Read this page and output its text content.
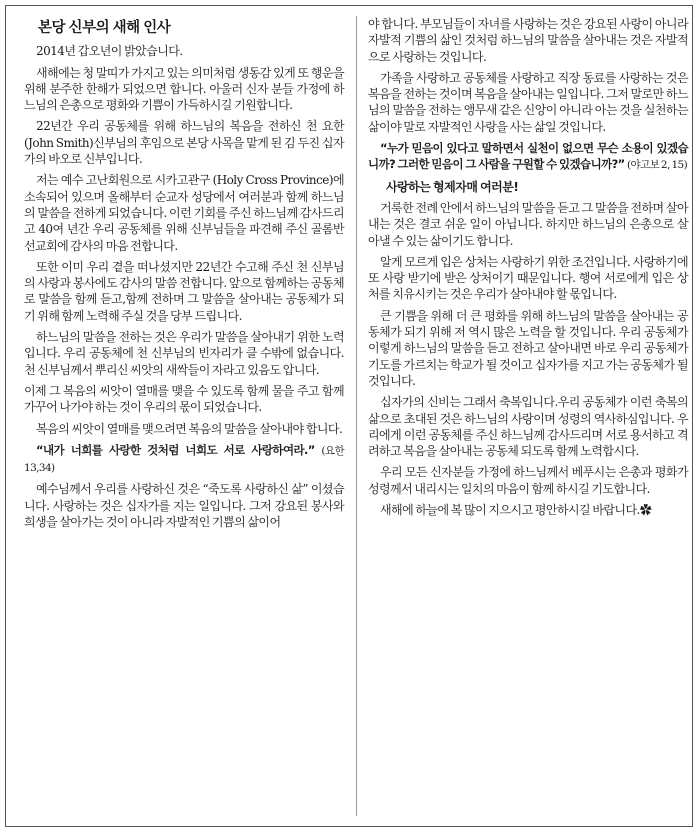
본당 신부의 새해 인사

2014년 갑오년이 밝았습니다.

새해에는 청 말띠가 가지고 있는 의미처럼 생동감 있게 또 행운을 위해 분주한 한해가 되었으면 합니다. 아울러 신자 분들 가정에 하느님의 은총으로 평화와 기쁨이 가득하시길 기원합니다.

22년간 우리 공동체를 위해 하느님의 복음을 전하신 천 요한(John Smith)신부님의 후임으로 본당 사목을 맡게 된 김 두진 십자가의 바오로 신부입니다.

저는 예수 고난회원으로 시카고관구 (Holy Cross Province)에 소속되어 있으며 올해부터 순교자 성당에서 여러분과 함께 하느님의 말씀을 전하게 되었습니다. 이런 기회를 주신 하느님께 감사드리고 40여 년간 우리 공동체를 위해 신부님들을 파견해 주신 골롬반 선교회에 감사의 마음 전합니다.

또한 이미 우리 곁을 떠나셨지만 22년간 수고해 주신 천 신부님의 사랑과 봉사에도 감사의 말씀 전합니다. 앞으로 함께하는 공동체로 말씀을 함께 듣고,함께 전하며 그 말씀을 살아내는 공동체가 되기 위해 함께 노력해 주실 것을 당부 드립니다.

하느님의 말씀을 전하는 것은 우리가 말씀을 살아내기 위한 노력입니다. 우리 공동체에 천 신부님의 빈자리가 클 수밖에 없습니다. 천 신부님께서 뿌리신 씨앗의 새싹들이 자라고 있음도 압니다.

이제 그 복음의 씨앗이 열매를 맺을 수 있도록 함께 물을 주고 함께 가꾸어 나가야 하는 것이 우리의 몫이 되었습니다.

복음의 씨앗이 열매를 맺으려면 복음의 말씀을 살아내야 합니다.

“내가 너희를 사랑한 것처럼 너희도 서로 사랑하여라.” (요한 13,34)

예수님께서 우리를 사랑하신 것은 “죽도록 사랑하신 삶” 이셨습니다. 사랑하는 것은 십자가를 지는 일입니다. 그저 강요된 봉사와 희생을 살아가는 것이 아니라 자발적인 기쁨의 삶이어

야 합니다. 부모님들이 자녀를 사랑하는 것은 강요된 사랑이 아니라 자발적 기쁨의 삶인 것처럼 하느님의 말씀을 살아내는 것은 자발적으로 사랑하는 것입니다.

가족을 사랑하고 공동체를 사랑하고 직장 동료를 사랑하는 것은 복음을 전하는 것이며 복음을 살아내는 일입니다. 그저 말로만 하느님의 말씀을 전하는 앵무새 같은 신앙이 아니라 아는 것을 실천하는 삶이야 말로 자발적인 사랑을 사는 삶일 것입니다.

“누가 믿음이 있다고 말하면서 실천이 없으면 무슨 소용이 있겠습니까? 그러한 믿음이 그 사람을 구원할 수 있겠습니까?” (야고보 2, 15)
사랑하는 형제자매 여러분!

거룩한 전례 안에서 하느님의 말씀을 듣고 그 말씀을 전하며 살아내는 것은 결코 쉬운 일이 아닙니다. 하지만 하느님의 은총으로 살아낼 수 있는 삶이기도 합니다.

알게 모르게 입은 상처는 사랑하기 위한 조건입니다. 사랑하기에 또 사랑 받기에 받은 상처이기 때문입니다. 행여 서로에게 입은 상처를 치유시키는 것은 우리가 살아내야 할 몫입니다.

큰 기쁨을 위해 더 큰 평화를 위해 하느님의 말씀을 살아내는 공동체가 되기 위해 저 역시 많은 노력을 할 것입니다. 우리 공동체가 이렇게 하느님의 말씀을 듣고 전하고 살아내면 바로 우리 공동체가 기도를 가르치는 학교가 될 것이고 십자가를 지고 가는 공동체가 될 것입니다.

십자가의 신비는 그래서 축복입니다.우리 공동체가 이런 축복의 삶으로 초대된 것은 하느님의 사랑이며 성령의 역사하심입니다. 우리에게 이런 공동체를 주신 하느님께 감사드리며 서로 용서하고 격려하고 복음을 살아내는 공동체 되도록 함께 노력합시다.

우리 모든 신자분들 가정에 하느님께서 베푸시는 은총과 평화가 성령께서 내리시는 일치의 마음이 함께 하시길 기도합니다.

새해에 하늘에 복 많이 지으시고 평안하시길 바랍니다.✿
